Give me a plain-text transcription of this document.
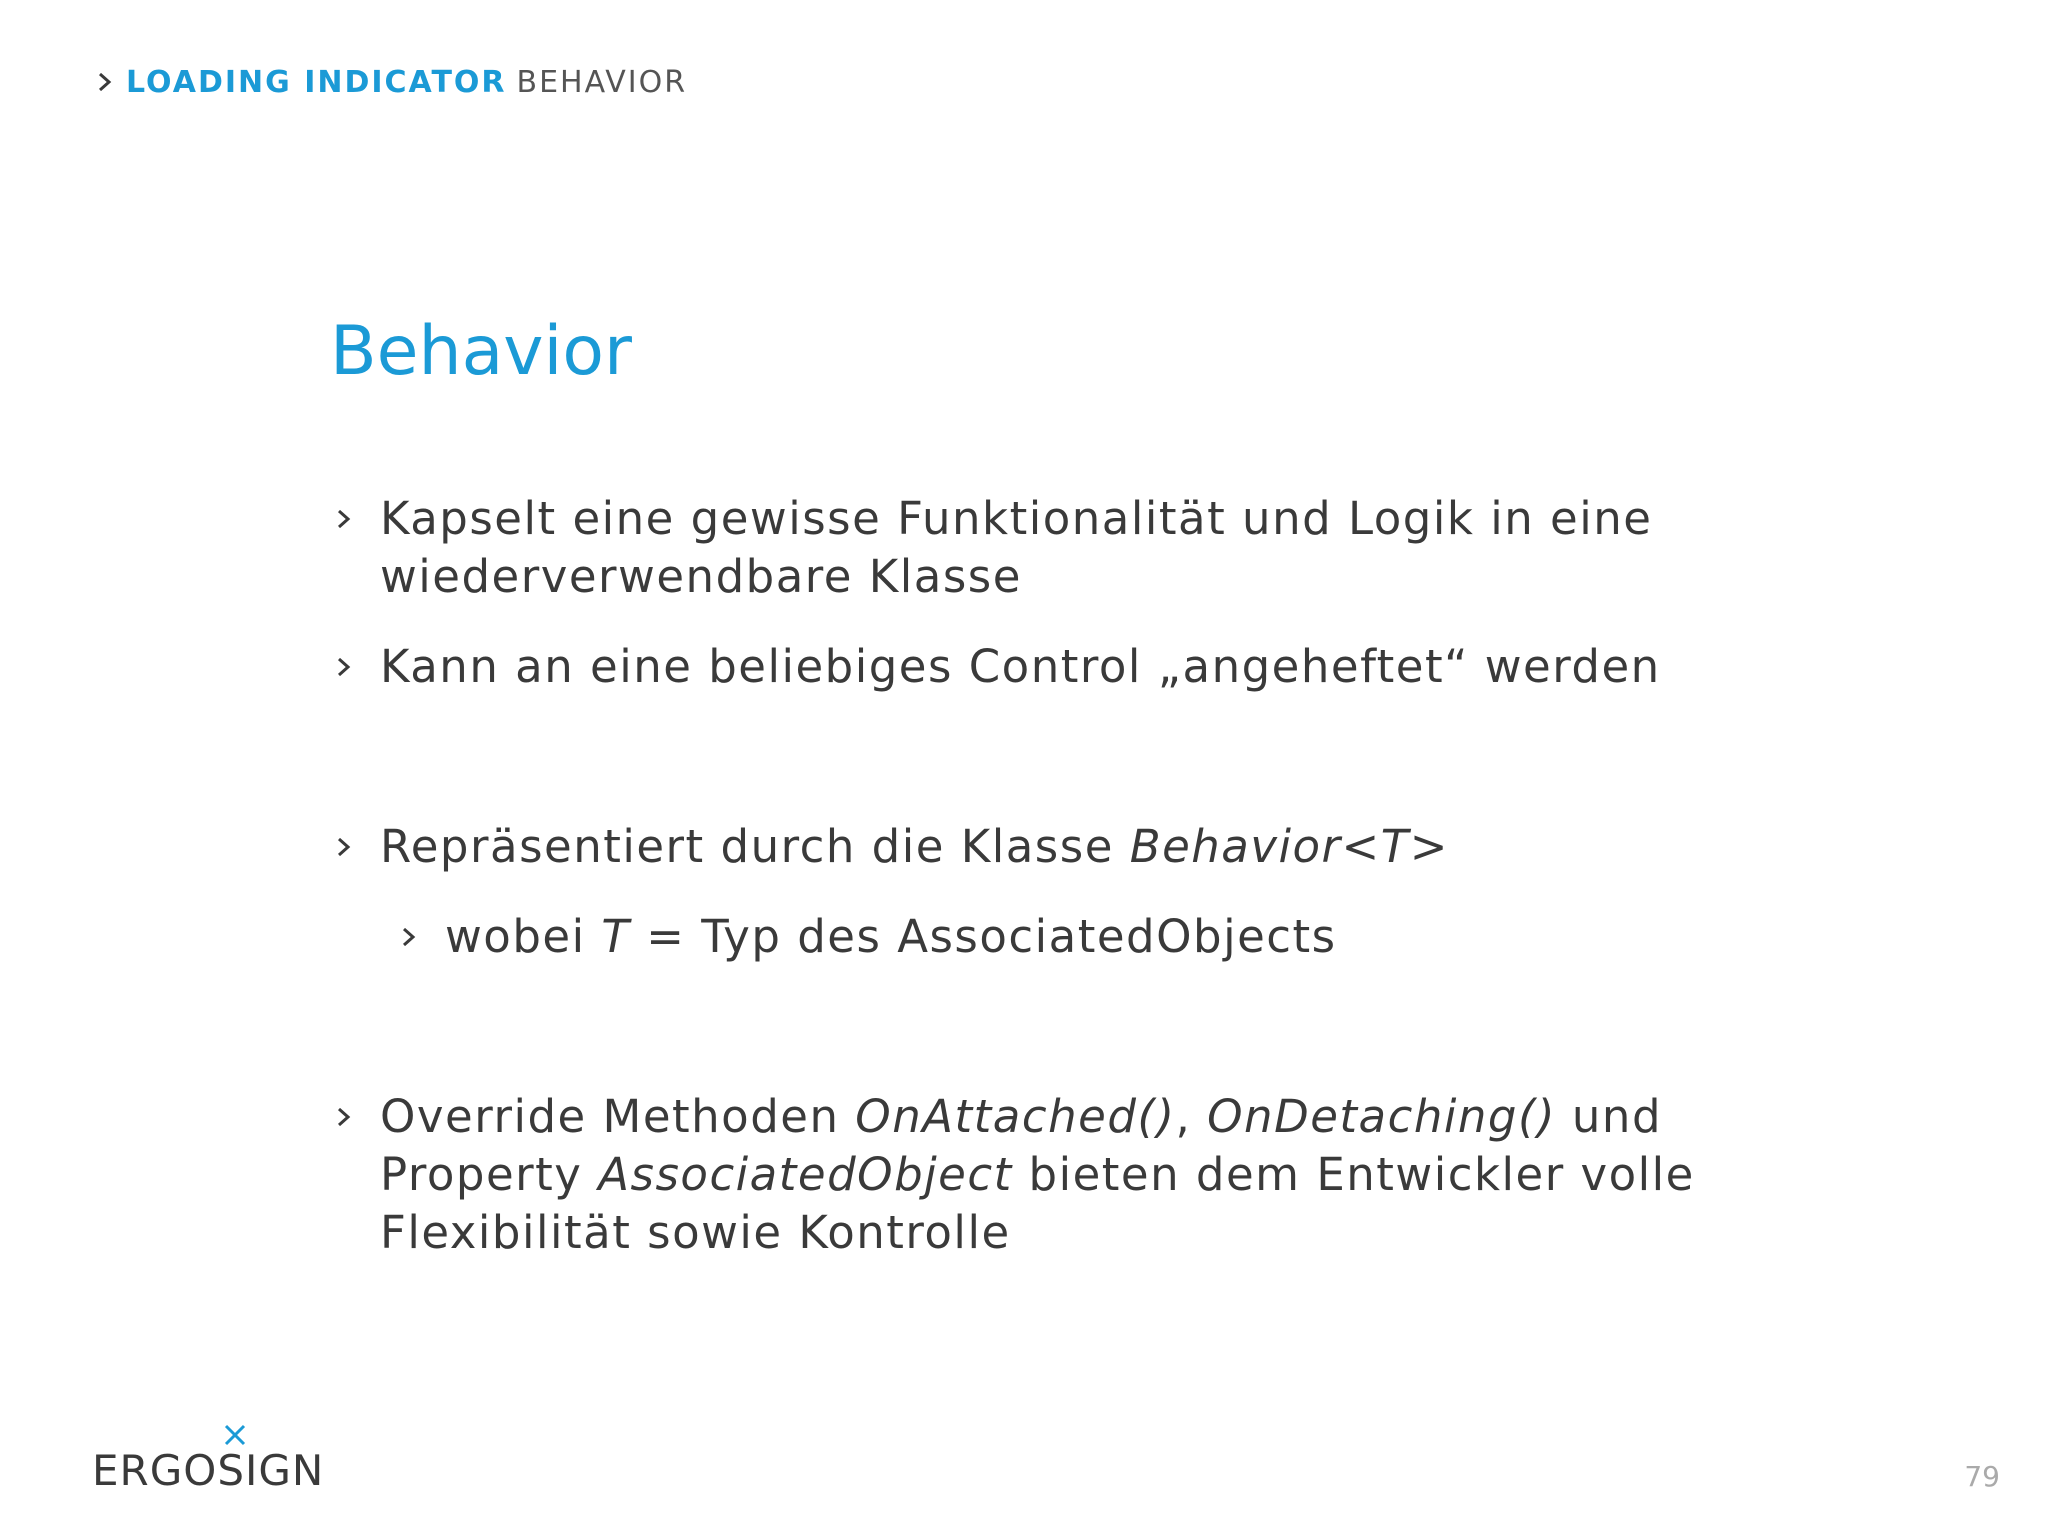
LOADING INDICATOR BEHAVIOR
Behavior
Kapselt eine gewisse Funktionalität und Logik in eine
wiederverwendbare Klasse
Kann an eine beliebiges Control „angeheftet“ werden
Repräsentiert durch die Klasse Behavior<T>
wobei T = Typ des AssociatedObjects
Override Methoden OnAttached(), OnDetaching() und
Property AssociatedObject bieten dem Entwickler volle
Flexibilität sowie Kontrolle
ERGOSIGN	79
